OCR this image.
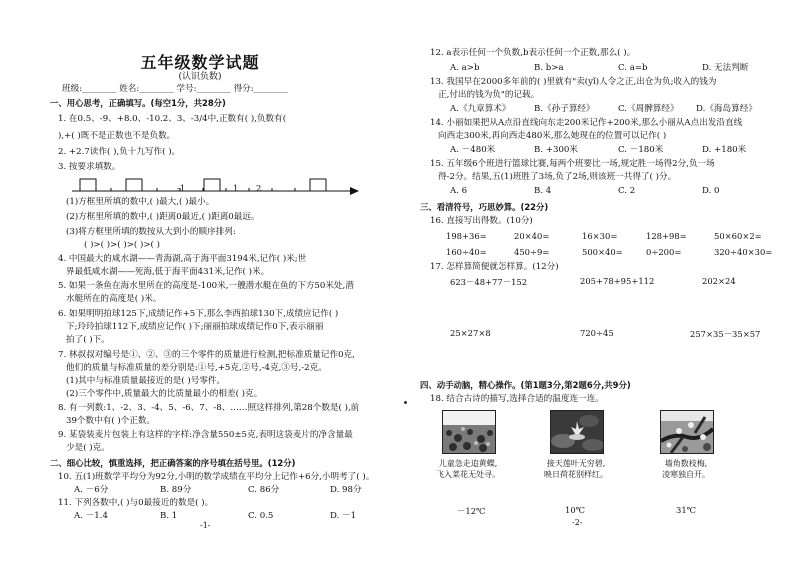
五年级数学试题
(认识负数)
班级:________ 姓名:________ 学号:________ 得分:________
一、用心思考，正确填写。(每空1分，共28分)
1. 在0.5、-9、+8.0、-10.2、3、-3/4中,正数有( ),负数有(
),+( )既不是正数也不是负数。
2. +2.7读作( ),负十九写作( )。
3. 按要求填数。
-1	1 2
(1)方框里所填的数中,( )最大,( )最小。
(2)方框里所填的数中,( )距离0最近,( )距离0最远。
(3)将方框里所填的数按从大到小的顺序排列:
( )>( )>( )>( )>( )
4. 中国最大的咸水湖——青海湖,高于海平面3194米,记作( )米;世
界最低咸水湖——死海,低于海平面431米,记作( )米。
5. 如果一条鱼在海水里所在的高度是-100米,一艘潜水艇在鱼的下方50米处,潜
水艇所在的高度是( )米。
6. 如果明明拍球125下,成绩记作+5下,那么李西拍球130下,成绩应记作( )
下;玲玲拍球112下,成绩应记作( )下;丽丽拍球成绩记作0下,表示丽丽
拍了( )下。
7. 林叔叔对编号是①、②、③的三个零件的质量进行检测,把标准质量记作0克,
他们的质量与标准质量的差分别是:①号,+5克,②号,-4克,③号,-2克。
(1)其中与标准质量最接近的是( )号零件。
(2)三个零件中,质量最大的比质量最小的相差( )克。
8. 有一列数:1、-2、3、-4、5、-6、7、-8、……照这样排列,第28个数是( ),前
39个数中有( )个正数。
9. 某袋装麦片包装上有这样的字样:净含量550±5克,表明这袋麦片的净含量最
少是( )克。
二、细心比较，慎重选择，把正确答案的序号填在括号里。(12分)
10. 五(1)班数学平均分为92分,小明的数学成绩在平均分上记作+6分,小明考了( )。
A. －6分	B. 89分	C. 86分	D. 98分
11. 下列各数中,( )与0最接近的数是( )。
A. －1.4	B. 1	C. 0.5	D. －1
-1-
12. a表示任何一个负数,b表示任何一个正数,那么( )。
A. a>b	B. b>a	C. a=b	D. 无法判断
13. 我国早在2000多年前的( )里就有"卖(yǐ)人令之正,出仓为负;收入的钱为
正,付出的钱为负"的记载。
A.《九章算术》	B.《孙子算经》	C.《周髀算经》 D.《海岛算经》
14. 小丽如果把从A点沿直线向东走200米记作+200米,那么小丽从A点出发沿直线
向西走300米,再向西走480米,那么她现在的位置可以记作( )
A. －480米	B. +300米	C. －180米	D. +180米
15. 五年级6个班进行篮球比赛,每两个班要比一场,规定胜一场得2分,负一场
得-2分。结果,五(1)班胜了3场,负了2场,则该班一共得了( )分。
A. 6	B. 4	C. 2	D. 0
三、看清符号，巧思妙算。(22分)
16. 直接写出得数。(10分)
198+36=	20×40=	16×30=	128+98=	50×60×2=
160÷40=	450÷9=	500×40=	0÷200=	320÷40×30=
17. 怎样算简便就怎样算。(12分)
623－48+77－152	205+78+95+112	202×24
25×27×8	720÷45	257×35－35×57
四、动手动脑，精心操作。(第1题3分,第2题6分,共9分)
18. 结合古诗的描写,选择合适的温度连一连。
儿童急走追黄蝶,
飞入菜花无处寻。
接天莲叶无穷碧,
映日荷花别样红。
墙角数枝梅,
凌寒独自开。
－12℃	10℃	31℃
-2-
